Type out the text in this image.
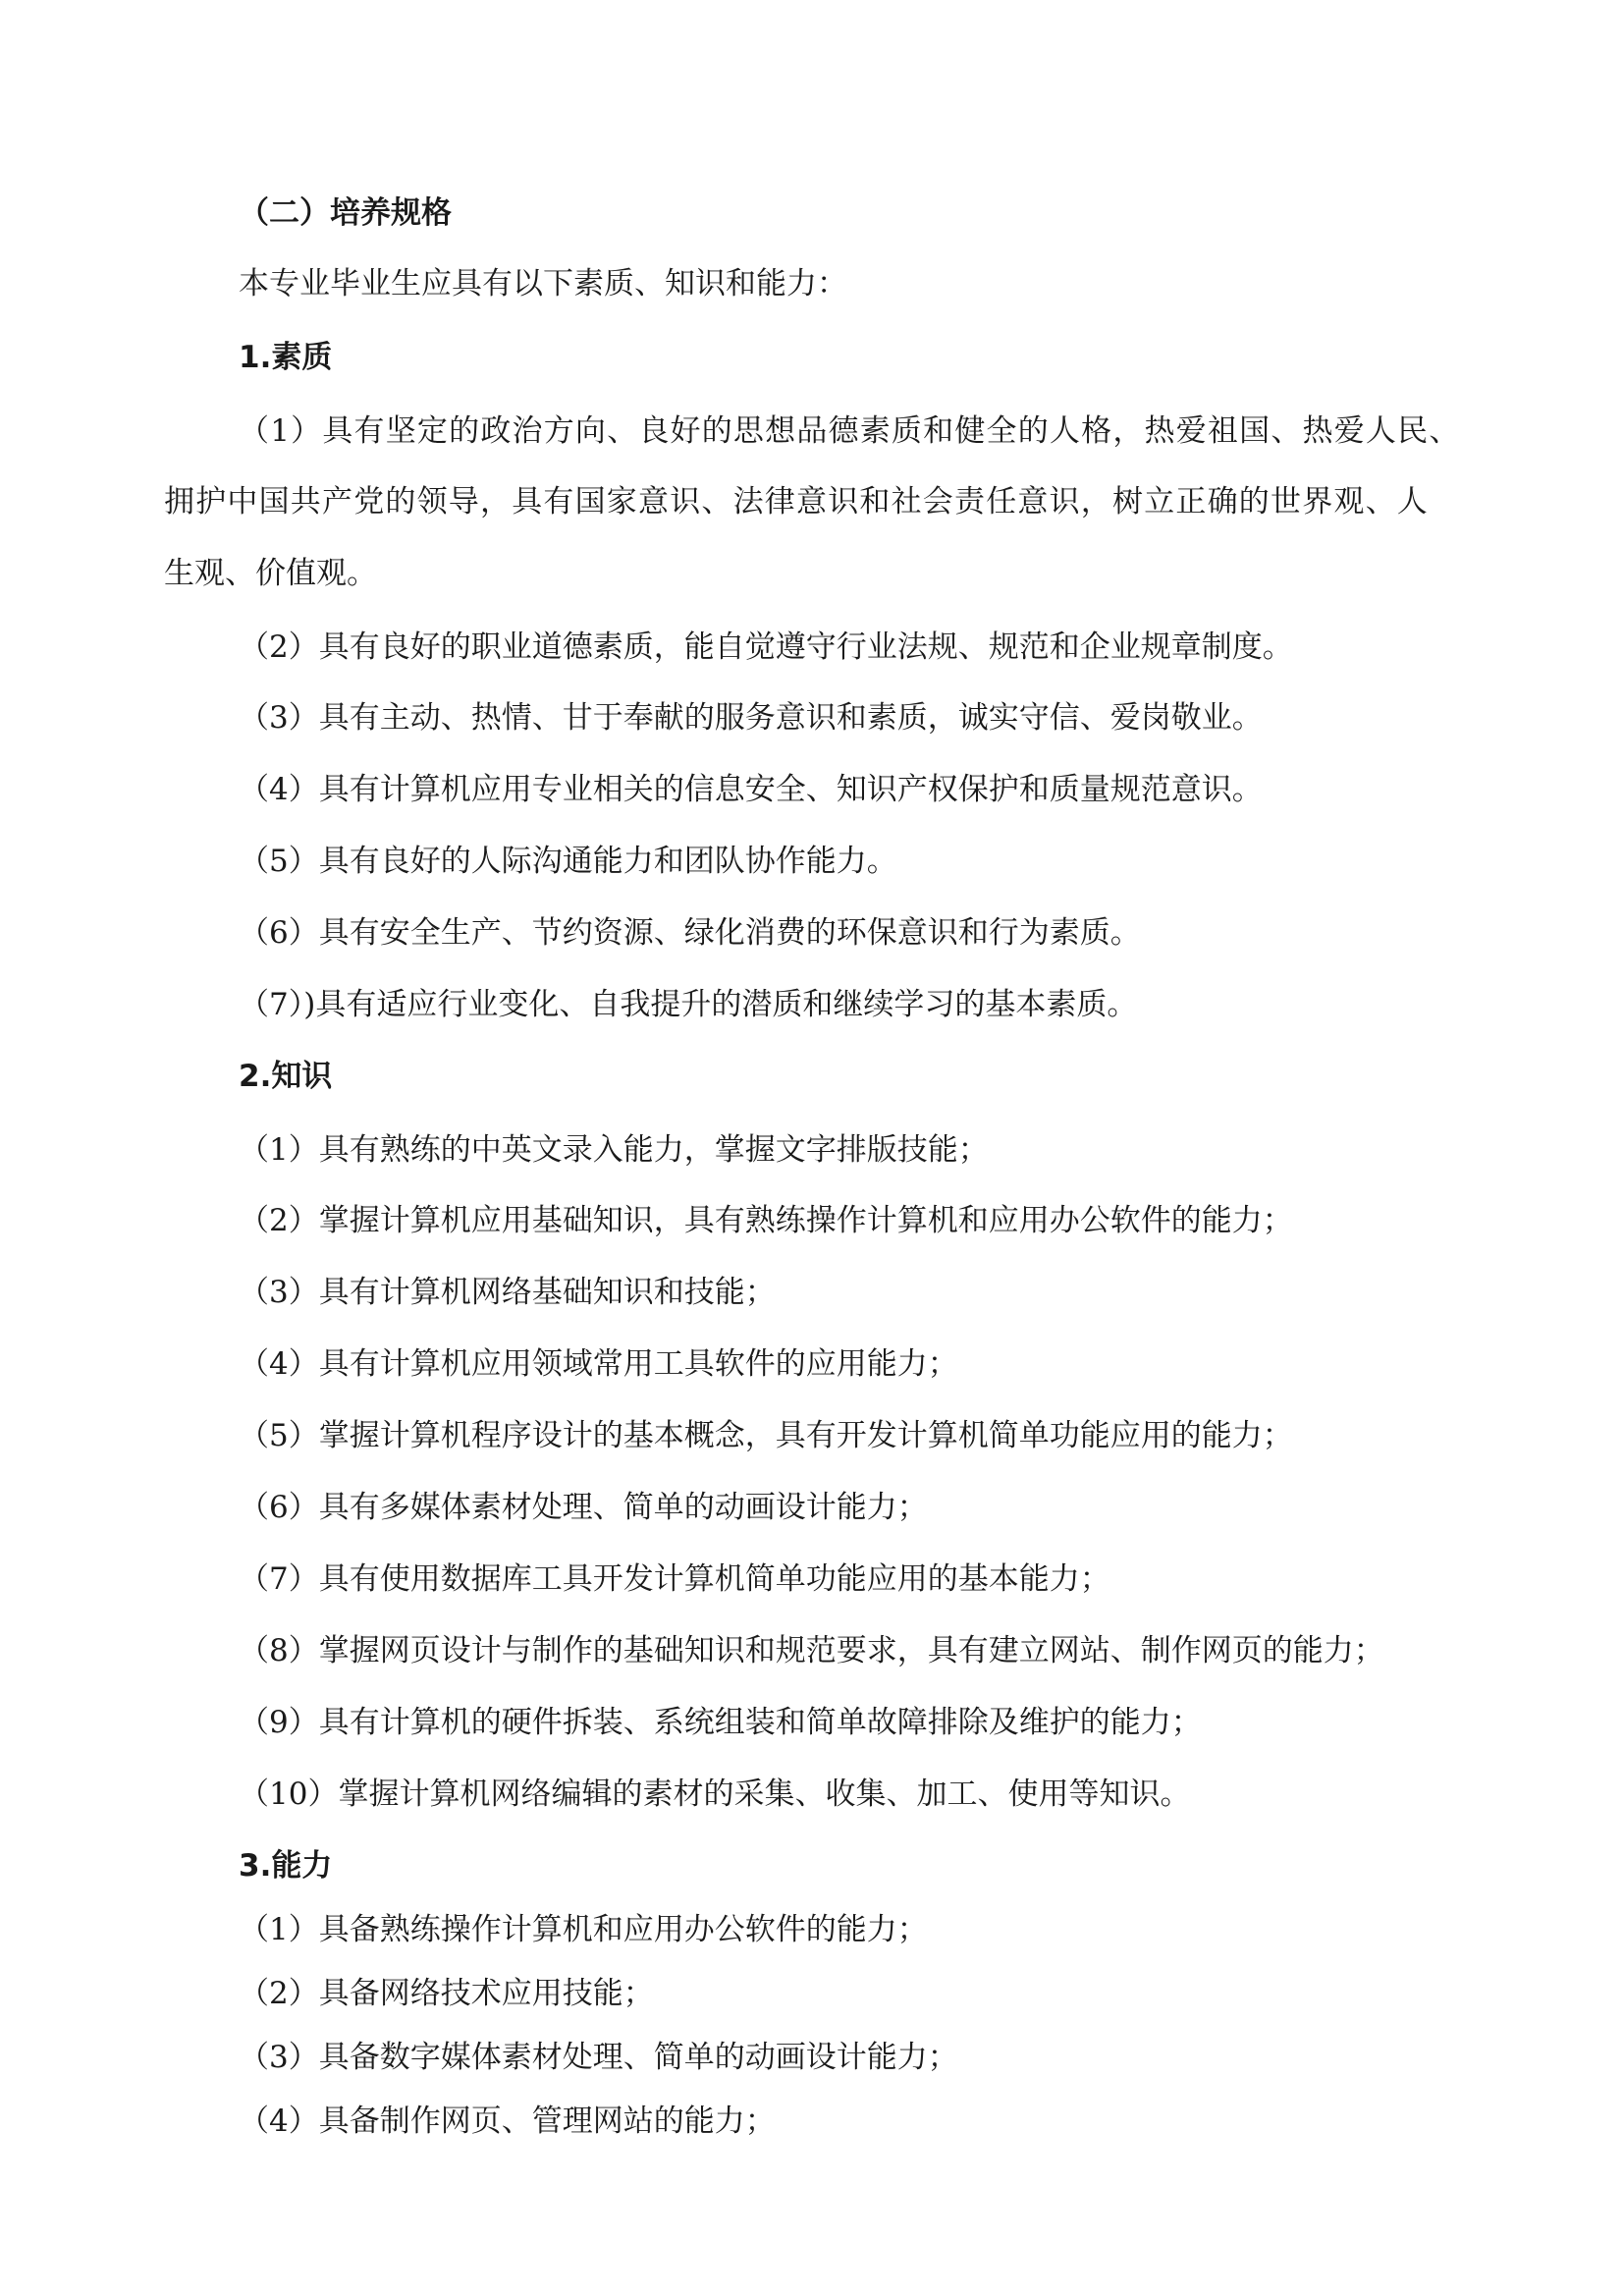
（二）培养规格

本专业毕业生应具有以下素质、知识和能力：

1.素质

（1）具有坚定的政治方向、良好的思想品德素质和健全的人格，热爱祖国、热爱人民、

拥护中国共产党的领导，具有国家意识、法律意识和社会责任意识，树立正确的世界观、人

生观、价值观。

（2）具有良好的职业道德素质，能自觉遵守行业法规、规范和企业规章制度。

（3）具有主动、热情、甘于奉献的服务意识和素质，诚实守信、爱岗敬业。

（4）具有计算机应用专业相关的信息安全、知识产权保护和质量规范意识。

（5）具有良好的人际沟通能力和团队协作能力。

（6）具有安全生产、节约资源、绿化消费的环保意识和行为素质。

（7）)具有适应行业变化、自我提升的潜质和继续学习的基本素质。

2.知识

（1）具有熟练的中英文录入能力，掌握文字排版技能；

（2）掌握计算机应用基础知识，具有熟练操作计算机和应用办公软件的能力；

（3）具有计算机网络基础知识和技能；

（4）具有计算机应用领域常用工具软件的应用能力；

（5）掌握计算机程序设计的基本概念，具有开发计算机简单功能应用的能力；

（6）具有多媒体素材处理、简单的动画设计能力；

（7）具有使用数据库工具开发计算机简单功能应用的基本能力；

（8）掌握网页设计与制作的基础知识和规范要求，具有建立网站、制作网页的能力；

（9）具有计算机的硬件拆装、系统组装和简单故障排除及维护的能力；

（10）掌握计算机网络编辑的素材的采集、收集、加工、使用等知识。

3.能力

（1）具备熟练操作计算机和应用办公软件的能力；

（2）具备网络技术应用技能；

（3）具备数字媒体素材处理、简单的动画设计能力；

（4）具备制作网页、管理网站的能力；
